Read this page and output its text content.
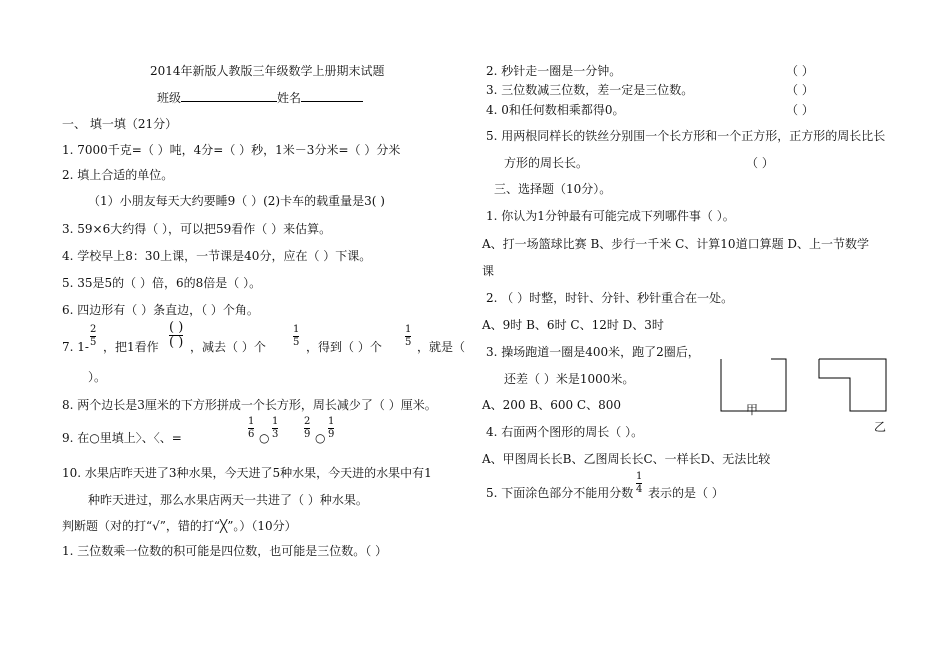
2014年新版人教版三年级数学上册期末试题
班级	姓名
一、 填一填（21分）
1. 7000千克=（ ）吨，4分=（ ）秒，1米－3分米=（ ）分米
2. 填上合适的单位。
（1）小朋友每天大约要睡9（ ）(2)卡车的载重量是3( )
3. 59×6大约得（ ），可以把59看作（ ）来估算。
4. 学校早上8：30上课，一节课是40分，应在（ ）下课。
5. 35是5的（ ）倍，6的8倍是（ ）。
6. 四边形有（ ）条直边，（ ）个角。
7. 1-
2
5 ，把1看作
( )
( ) ，减去（ ）个
1
5 ，得到（ ）个
1
5 ，就是（
）。
8. 两个边长是3厘米的下方形拼成一个长方形，周长减少了（ ）厘米。
9. 在○里填上〉、〈、=
1
6 ○
1
3
2
9 ○
1
9
10. 水果店昨天进了3种水果，今天进了5种水果，今天进的水果中有1
种昨天进过，那么水果店两天一共进了（ ）种水果。
判断题（对的打“√”，错的打“╳”。）（10分）
1. 三位数乘一位数的积可能是四位数，也可能是三位数。（ ）
2. 秒针走一圈是一分钟。	（ ）
3. 三位数减三位数，差一定是三位数。	（ ）
4. 0和任何数相乘都得0。	（ ）
5. 用两根同样长的铁丝分别围一个长方形和一个正方形，正方形的周长比长
方形的周长长。	（ ）
三、选择题（10分）。
1. 你认为1分钟最有可能完成下列哪件事（ ）。
A、打一场篮球比赛 B、步行一千米 C、计算10道口算题 D、上一节数学
课
2. （ ）时整，时针、分针、秒针重合在一处。
A、9时 B、6时 C、12时 D、3时
3. 操场跑道一圈是400米，跑了2圈后，
还差（ ）米是1000米。
A、200 B、600 C、800
4. 右面两个图形的周长（ ）。
A、甲图周长长B、乙图周长长C、一样长D、无法比较
5. 下面涂色部分不能用分数
1
4 表示的是（ ）
甲
乙
